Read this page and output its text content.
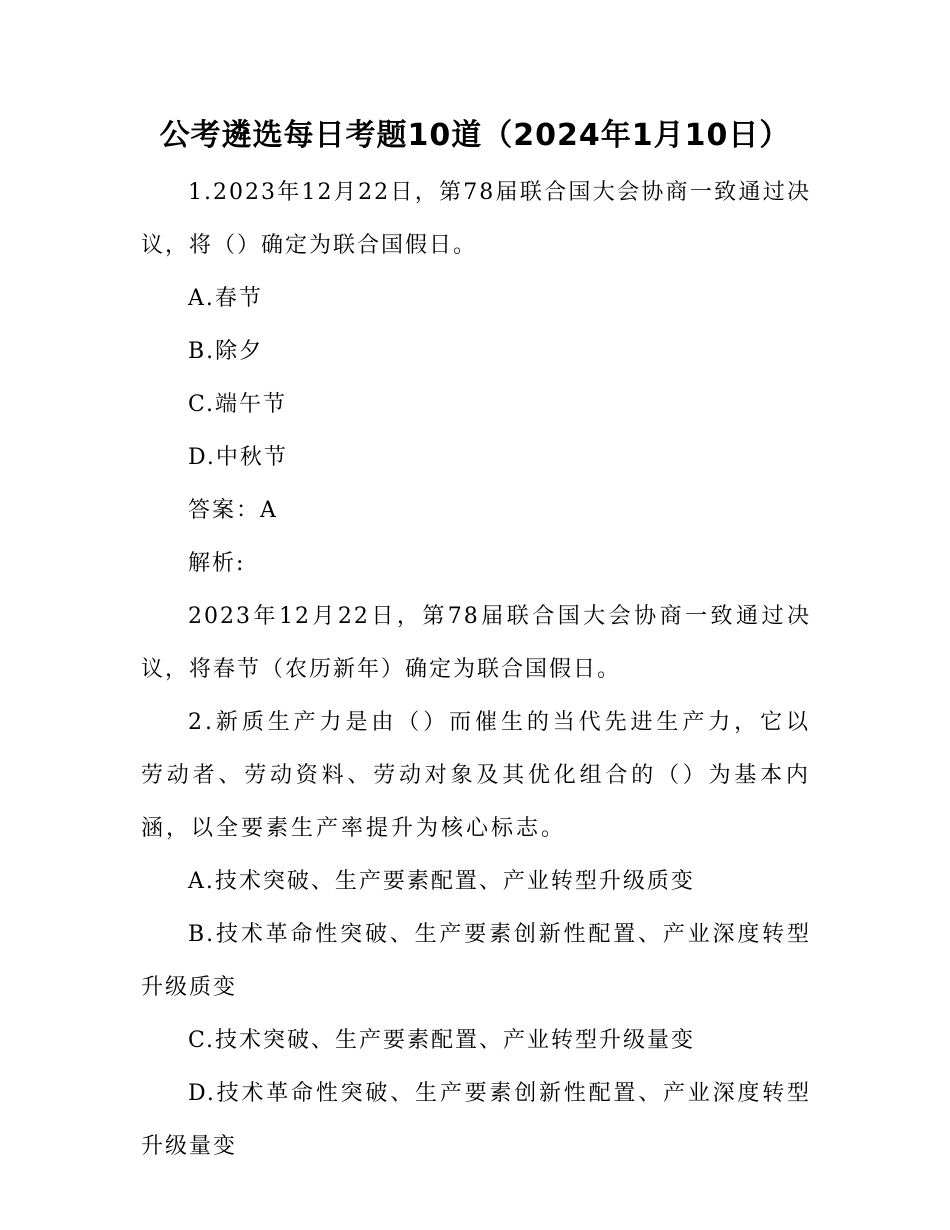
公考遴选每日考题10道（2024年1月10日）

1.2023年12月22日，第78届联合国大会协商一致通过决议，将（）确定为联合国假日。

A.春节

B.除夕

C.端午节

D.中秋节

答案：A

解析:

2023年12月22日，第78届联合国大会协商一致通过决议，将春节（农历新年）确定为联合国假日。

2.新质生产力是由（）而催生的当代先进生产力，它以劳动者、劳动资料、劳动对象及其优化组合的（）为基本内涵，以全要素生产率提升为核心标志。

A.技术突破、生产要素配置、产业转型升级质变

B.技术革命性突破、生产要素创新性配置、产业深度转型升级质变

C.技术突破、生产要素配置、产业转型升级量变

D.技术革命性突破、生产要素创新性配置、产业深度转型升级量变
